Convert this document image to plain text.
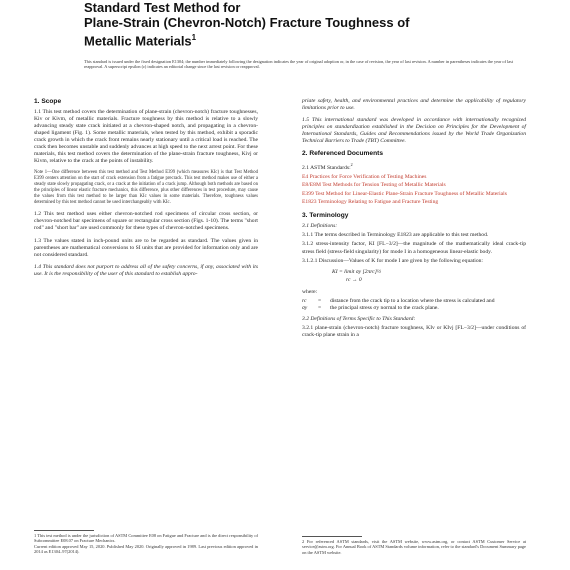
Standard Test Method for
Plane-Strain (Chevron-Notch) Fracture Toughness of
Metallic Materials$^1$
This standard is issued under the fixed designation E1304; the number immediately following the designation indicates the year of original adoption or, in the case of revision, the year of last revision. A number in parentheses indicates the year of last reapproval. A superscript epsilon (ε) indicates an editorial change since the last revision or reapproval.
1. Scope

1.1 This test method covers the determination of plane-strain (chevron-notch) fracture toughnesses, Kiv or Kivm, of metallic materials. Fracture toughness by this method is relative to a slowly advancing steady state crack initiated at a chevron-shaped notch, and propagating in a chevron-shaped ligament (Fig. 1). Some metallic materials, when tested by this method, exhibit a sporadic crack growth in which the crack front remains nearly stationary until a critical load is reached. The crack then becomes unstable and suddenly advances at high speed to the next arrest point. For these materials, this test method covers the determination of the plane-strain fracture toughness, Kivj or Kivm, relative to the crack at the points of instability.

Note 1—One difference between this test method and Test Method E399 (which measures KIc) is that Test Method E399 centers attention on the start of crack extension from a fatigue precrack. This test method makes use of either a steady state slowly propagating crack, or a crack at the initiation of a crack jump. Although both methods are based on the principles of linear elastic fracture mechanics, this difference, plus other differences in test procedure, may cause the values from this test method to be larger than KIc values in some materials. Therefore, toughness values determined by this test method cannot be used interchangeably with KIc.

1.2 This test method uses either chevron-notched rod specimens of circular cross section, or chevron-notched bar specimens of square or rectangular cross section (Figs. 1-10). The terms "short rod" and "short bar" are used commonly for these types of chevron-notched specimens.

1.3 The values stated in inch-pound units are to be regarded as standard. The values given in parentheses are mathematical conversions to SI units that are provided for information only and are not considered standard.

1.4 This standard does not purport to address all of the safety concerns, if any, associated with its use. It is the responsibility of the user of this standard to establish appro-

1 This test method is under the jurisdiction of ASTM Committee E08 on Fatigue and Fracture and is the direct responsibility of Subcommittee E08.07 on Fracture Mechanics.
Current edition approved May 15, 2020. Published May 2020. Originally approved in 1989. Last previous edition approved in 2014 as E1304–97(2014).

priate safety, health, and environmental practices and determine the applicability of regulatory limitations prior to use.

1.5 This international standard was developed in accordance with internationally recognized principles on standardization established in the Decision on Principles for the Development of International Standards, Guides and Recommendations issued by the World Trade Organization Technical Barriers to Trade (TBT) Committee.

2. Referenced Documents
2.1 ASTM Standards:$^2$
E4 Practices for Force Verification of Testing Machines
E8/E8M Test Methods for Tension Testing of Metallic Materials
E399 Test Method for Linear-Elastic Plane-Strain Fracture Toughness of Metallic Materials
E1823 Terminology Relating to Fatigue and Fracture Testing
3. Terminology

3.1 Definitions:

3.1.1 The terms described in Terminology E1823 are applicable to this test method.

3.1.2 stress-intensity factor, KI [FL−3/2]—the magnitude of the mathematically ideal crack-tip stress field (stress-field singularity) for mode I in a homogeneous linear-elastic body.

3.1.2.1 Discussion—Values of K for mode I are given by the following equation:

KI = limit σy [2πrc]½
rc → 0
where:
rc	=	distance from the crack tip to a location where the stress is calculated and
σy	=	the principal stress σy normal to the crack plane.

3.2 Definitions of Terms Specific to This Standard:

3.2.1 plane-strain (chevron-notch) fracture toughness, KIv or KIvj [FL−3/2]—under conditions of crack-tip plane strain in a

2 For referenced ASTM standards, visit the ASTM website, www.astm.org, or contact ASTM Customer Service at service@astm.org. For Annual Book of ASTM Standards volume information, refer to the standard's Document Summary page on the ASTM website.
